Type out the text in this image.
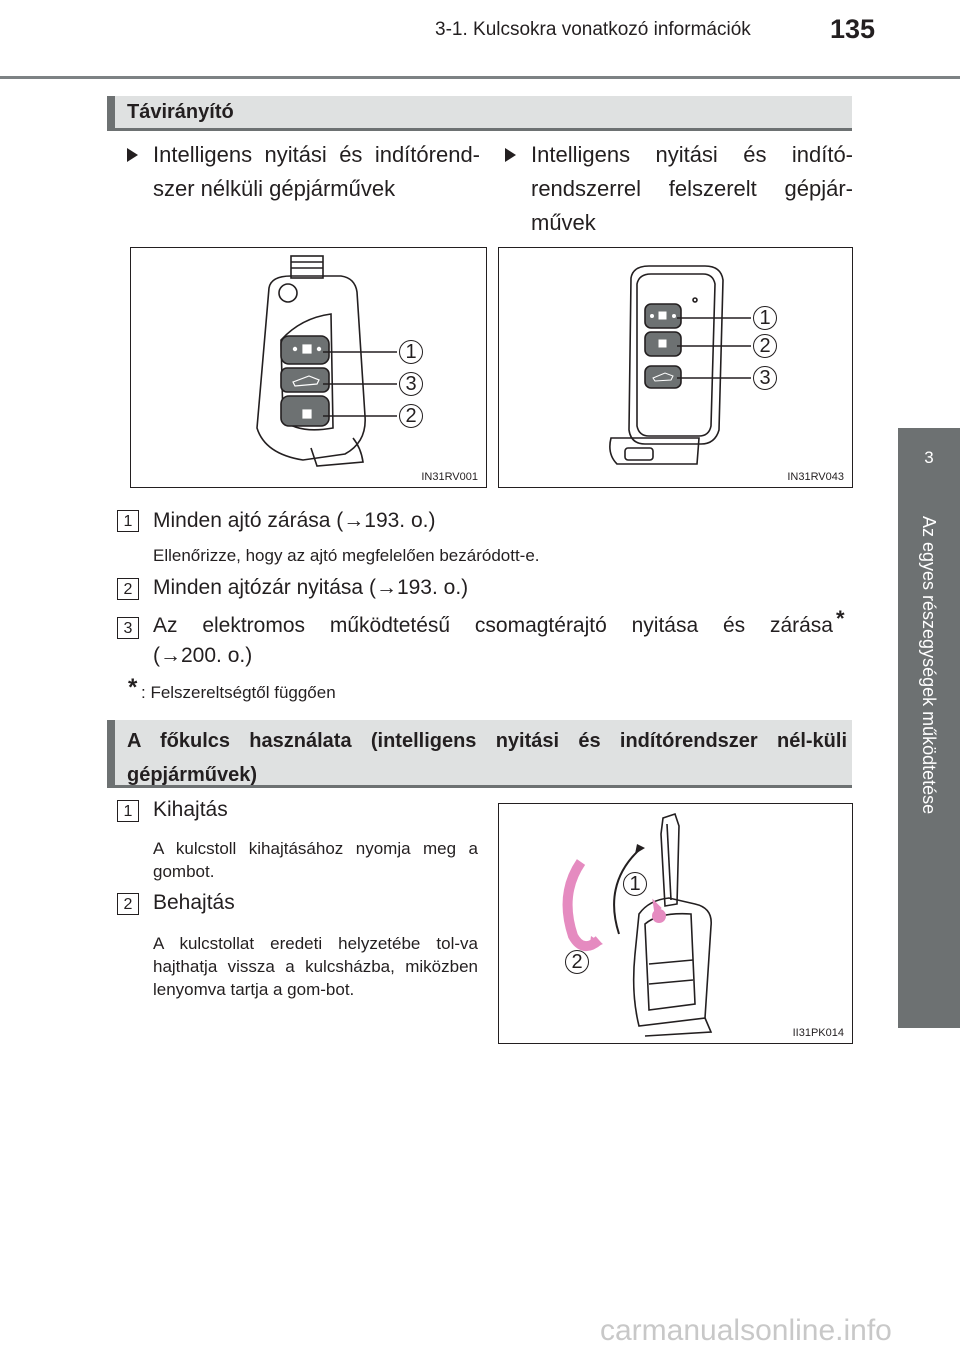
3-1. Kulcsokra vonatkozó információk	135
3
Az egyes részegységek működtetése
Távirányító
Intelligens nyitási és indítórend-szer nélküli gépjárművek
Intelligens nyitási és indító-rendszerrel felszerelt gépjár-művek
1
3
2
IN31RV001
1
2
3
IN31RV043
1 Minden ajtó zárása (→193. o.)
Ellenőrizze, hogy az ajtó megfelelően bezáródott-e.
2 Minden ajtózár nyitása (→193. o.)
3 Az elektromos működtetésű csomagtérajtó nyitása és zárása *
(→200. o.)
* : Felszereltségtől függően
A főkulcs használata (intelligens nyitási és indítórendszer nél-küli gépjárművek)
1 Kihajtás
A kulcstoll kihajtásához nyomja meg a gombot.
2 Behajtás
A kulcstollat eredeti helyzetébe tol-va hajthatja vissza a kulcsházba, miközben lenyomva tartja a gom-bot.
1
2
II31PK014
carmanualsonline.info
